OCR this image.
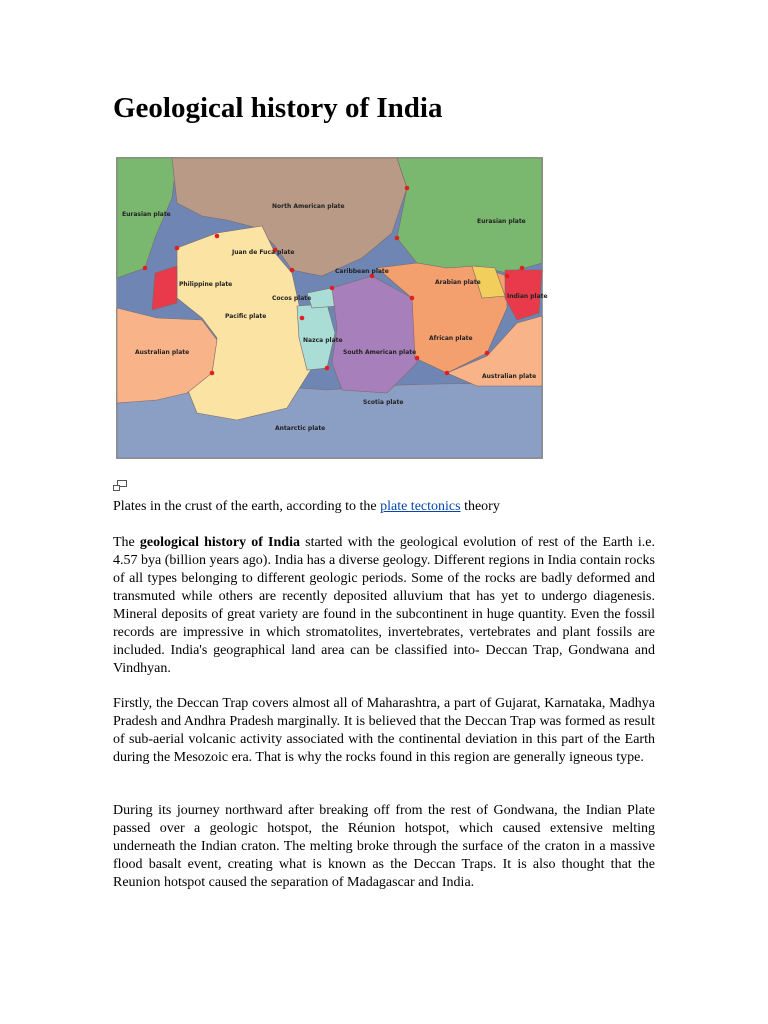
Geological history of India
North American plate
Eurasian plate
Eurasian plate
Juan de Fuca plate
Philippine plate
Pacific plate
Cocos plate
Caribbean plate
Arabian plate
Indian plate
Nazca plate
South American plate
African plate
Australian plate
Australian plate
Scotia plate
Antarctic plate
Plates in the crust of the earth, according to the plate tectonics theory

The geological history of India started with the geological evolution of rest of the Earth i.e. 4.57 bya (billion years ago). India has a diverse geology. Different regions in India contain rocks of all types belonging to different geologic periods. Some of the rocks are badly deformed and transmuted while others are recently deposited alluvium that has yet to undergo diagenesis. Mineral deposits of great variety are found in the subcontinent in huge quantity. Even the fossil records are impressive in which stromatolites, invertebrates, vertebrates and plant fossils are included. India's geographical land area can be classified into- Deccan Trap, Gondwana and Vindhyan.

Firstly, the Deccan Trap covers almost all of Maharashtra, a part of Gujarat, Karnataka, Madhya Pradesh and Andhra Pradesh marginally. It is believed that the Deccan Trap was formed as result of sub-aerial volcanic activity associated with the continental deviation in this part of the Earth during the Mesozoic era. That is why the rocks found in this region are generally igneous type.

During its journey northward after breaking off from the rest of Gondwana, the Indian Plate passed over a geologic hotspot, the Réunion hotspot, which caused extensive melting underneath the Indian craton. The melting broke through the surface of the craton in a massive flood basalt event, creating what is known as the Deccan Traps. It is also thought that the Reunion hotspot caused the separation of Madagascar and India.
